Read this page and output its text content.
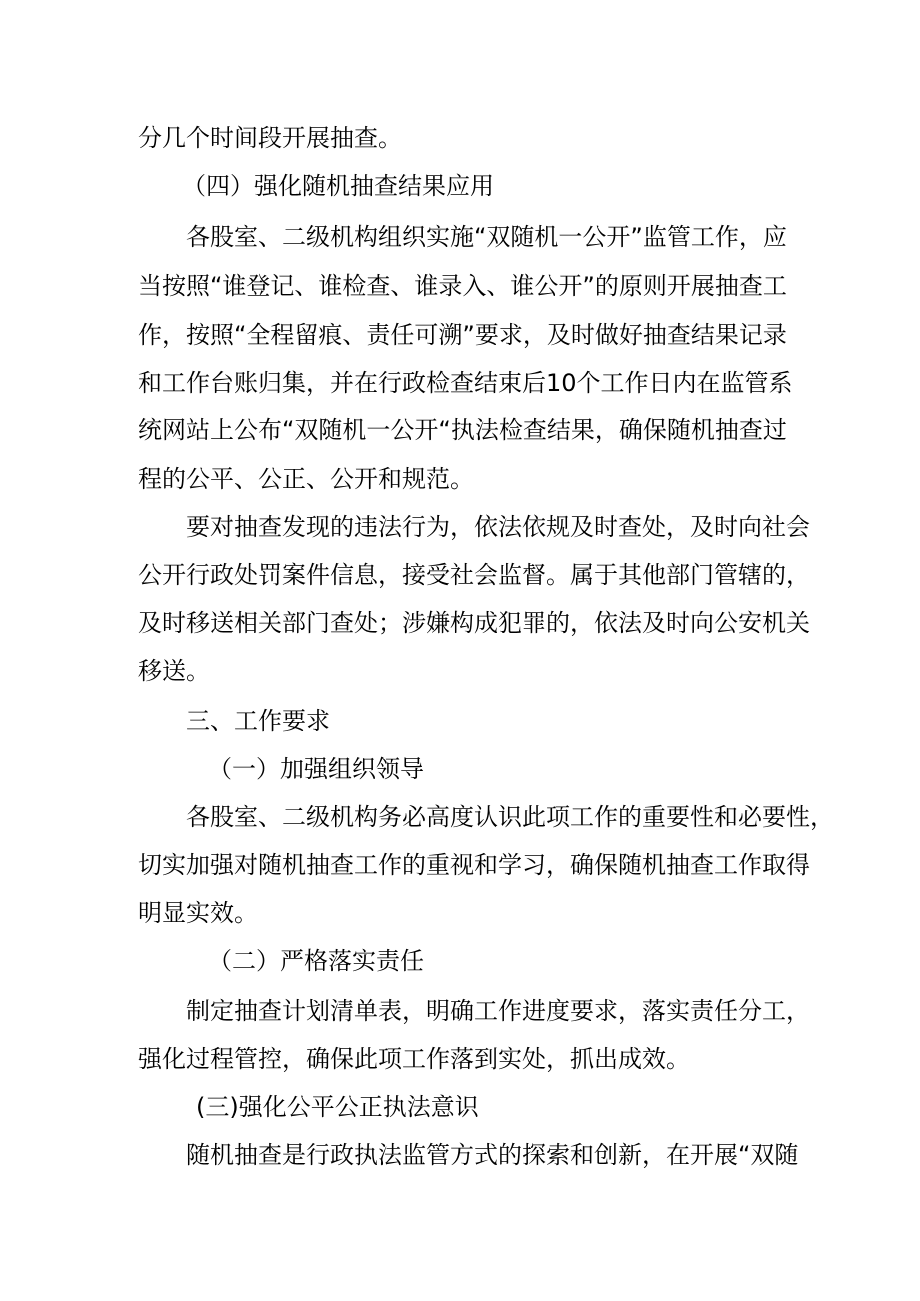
分几个时间段开展抽查。

（四）强化随机抽查结果应用

各股室、二级机构组织实施“双随机一公开”监管工作，应

当按照“谁登记、谁检查、谁录入、谁公开”的原则开展抽查工

作，按照“全程留痕、责任可溯”要求，及时做好抽查结果记录

和工作台账归集，并在行政检查结束后10个工作日内在监管系

统网站上公布“双随机一公开“执法检查结果，确保随机抽查过

程的公平、公正、公开和规范。

要对抽查发现的违法行为，依法依规及时查处，及时向社会

公开行政处罚案件信息，接受社会监督。属于其他部门管辖的，

及时移送相关部门查处；涉嫌构成犯罪的，依法及时向公安机关

移送。

三、工作要求

（一）加强组织领导

各股室、二级机构务必高度认识此项工作的重要性和必要性，

切实加强对随机抽查工作的重视和学习，确保随机抽查工作取得

明显实效。

（二）严格落实责任

制定抽查计划清单表，明确工作进度要求，落实责任分工，

强化过程管控，确保此项工作落到实处，抓出成效。

(三)强化公平公正执法意识

随机抽查是行政执法监管方式的探索和创新，在开展“双随
